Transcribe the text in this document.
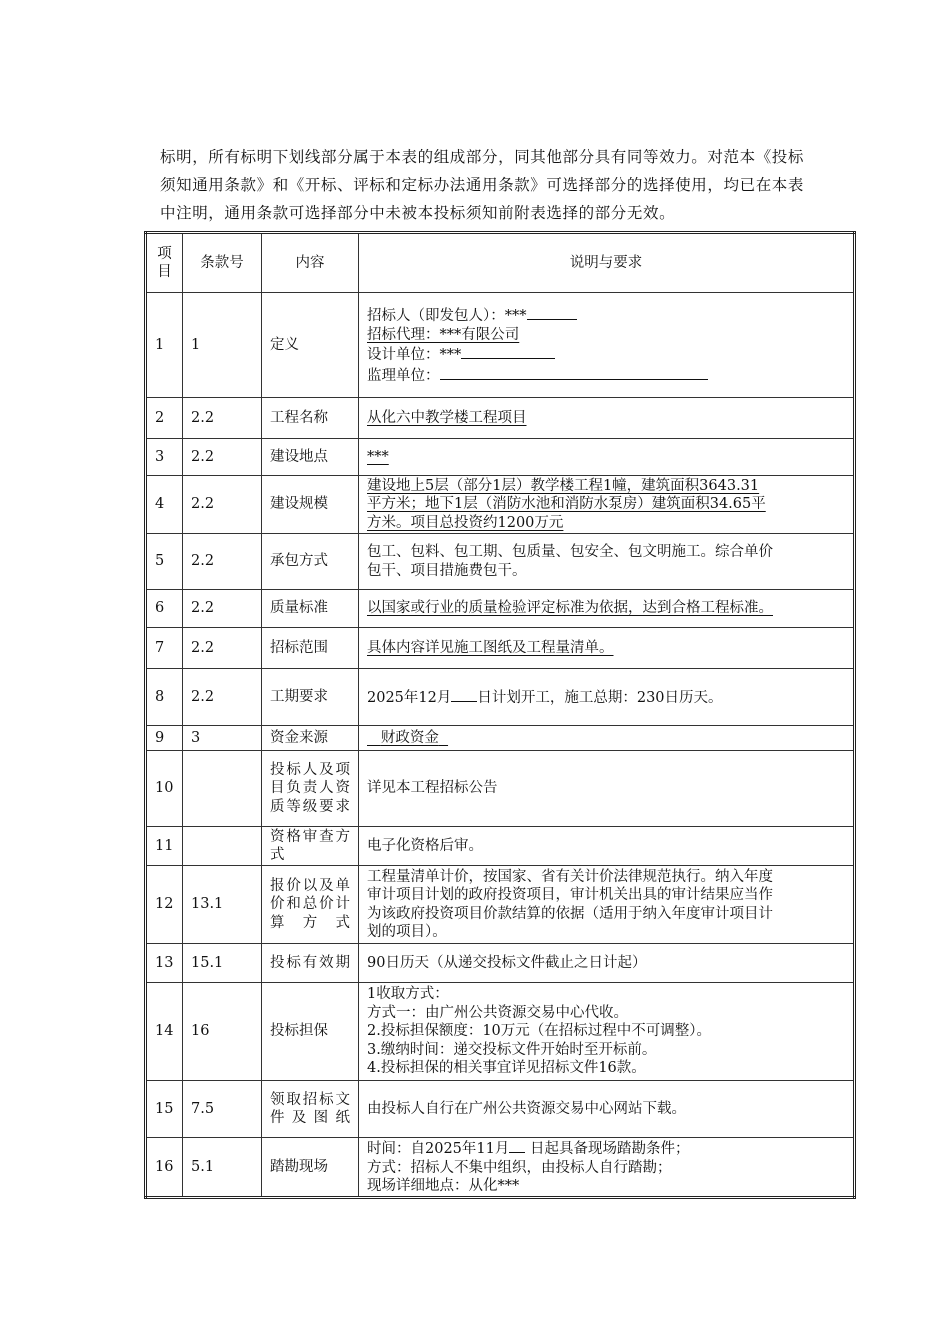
标明，所有标明下划线部分属于本表的组成部分，同其他部分具有同等效力。对范本《投标

须知通用条款》和《开标、评标和定标办法通用条款》可选择部分的选择使用，均已在本表

中注明，通用条款可选择部分中未被本投标须知前附表选择的部分无效。

项目	条款号	内容	说明与要求
1	1	定义	招标人（即发包人）：***
招标代理：***有限公司
设计单位：***
监理单位：

2	2.2	工程名称	从化六中教学楼工程项目

3	2.2	建设地点	***

4	2.2	建设规模	建设地上5层（部分1层）教学楼工程1幢，建筑面积3643.31
平方米；地下1层（消防水池和消防水泵房）建筑面积34.65平
方米。项目总投资约1200万元

5	2.2	承包方式	包工、包料、包工期、包质量、包安全、包文明施工。综合单价
包干、项目措施费包干。

6	2.2	质量标准	以国家或行业的质量检验评定标准为依据，达到合格工程标准。

7	2.2	招标范围	具体内容详见施工图纸及工程量清单。

8	2.2	工期要求	2025年12月 日计划开工，施工总期：230日历天。

9	3	资金来源	财政资金

10		投标人及项目负责人资质等级要求	详见本工程招标公告

11		资格审查方式	电子化资格后审。

12	13.1	报价以及单价和总价计算方式	工程量清单计价，按国家、省有关计价法律规范执行。纳入年度
审计项目计划的政府投资项目，审计机关出具的审计结果应当作
为该政府投资项目价款结算的依据（适用于纳入年度审计项目计
划的项目）。

13	15.1	投标有效期	90日历天（从递交投标文件截止之日计起）

14	16	投标担保	1收取方式：
方式一：由广州公共资源交易中心代收。
2.投标担保额度：10万元（在招标过程中不可调整）。
3.缴纳时间：递交投标文件开始时至开标前。
4.投标担保的相关事宜详见招标文件16款。

15	7.5	领取招标文件及图纸	由投标人自行在广州公共资源交易中心网站下载。

16	5.1	踏勘现场	时间：自2025年11月 日起具备现场踏勘条件；
方式：招标人不集中组织，由投标人自行踏勘；
现场详细地点：从化***
